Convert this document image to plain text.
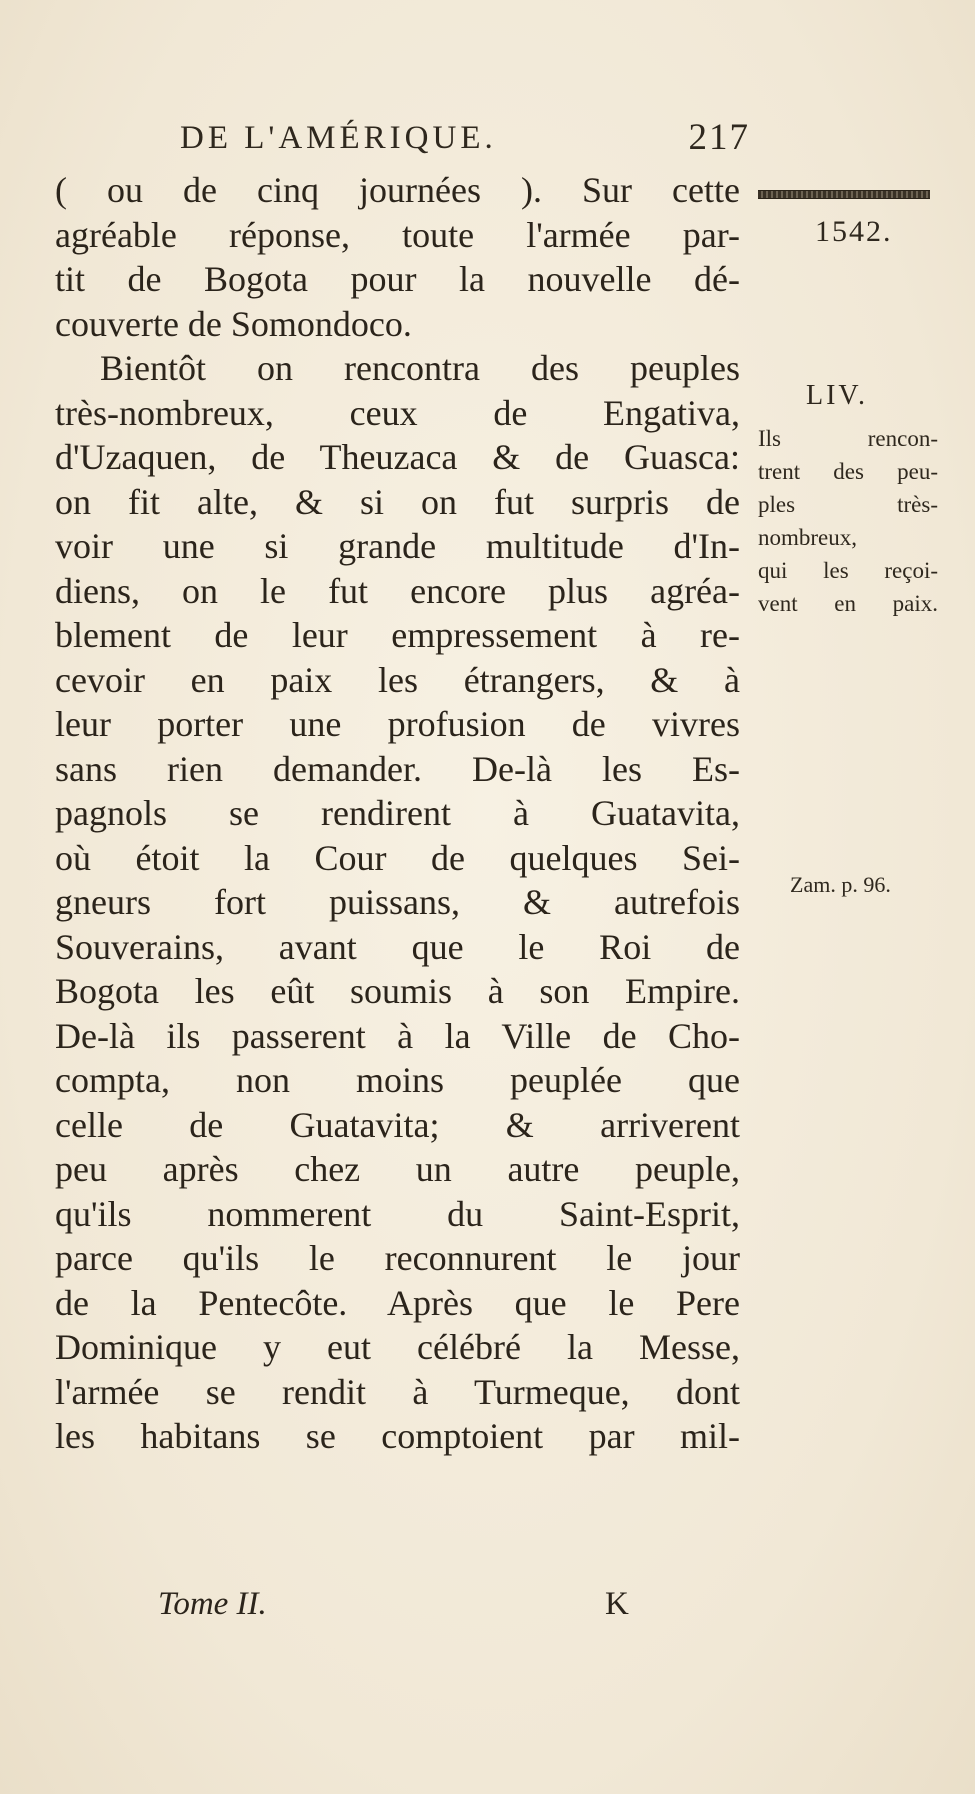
DE L'AMÉRIQUE.	217
( ou de cinq journées ). Sur cette
agréable réponse, toute l'armée par-
tit de Bogota pour la nouvelle dé-
couverte de Somondoco.
Bientôt on rencontra des peuples
très-nombreux, ceux de Engativa,
d'Uzaquen, de Theuzaca & de Guasca:
on fit alte, & si on fut surpris de
voir une si grande multitude d'In-
diens, on le fut encore plus agréa-
blement de leur empressement à re-
cevoir en paix les étrangers, & à
leur porter une profusion de vivres
sans rien demander. De-là les Es-
pagnols se rendirent à Guatavita,
où étoit la Cour de quelques Sei-
gneurs fort puissans, & autrefois
Souverains, avant que le Roi de
Bogota les eût soumis à son Empire.
De-là ils passerent à la Ville de Cho-
compta, non moins peuplée que
celle de Guatavita; & arriverent
peu après chez un autre peuple,
qu'ils nommerent du Saint-Esprit,
parce qu'ils le reconnurent le jour
de la Pentecôte. Après que le Pere
Dominique y eut célébré la Messe,
l'armée se rendit à Turmeque, dont
les habitans se comptoient par mil-
1542.
LIV.
Ils rencon-
trent des peu-
ples très-
nombreux,
qui les reçoi-
vent en paix.
Zam. p. 96.
Tome II.	K
